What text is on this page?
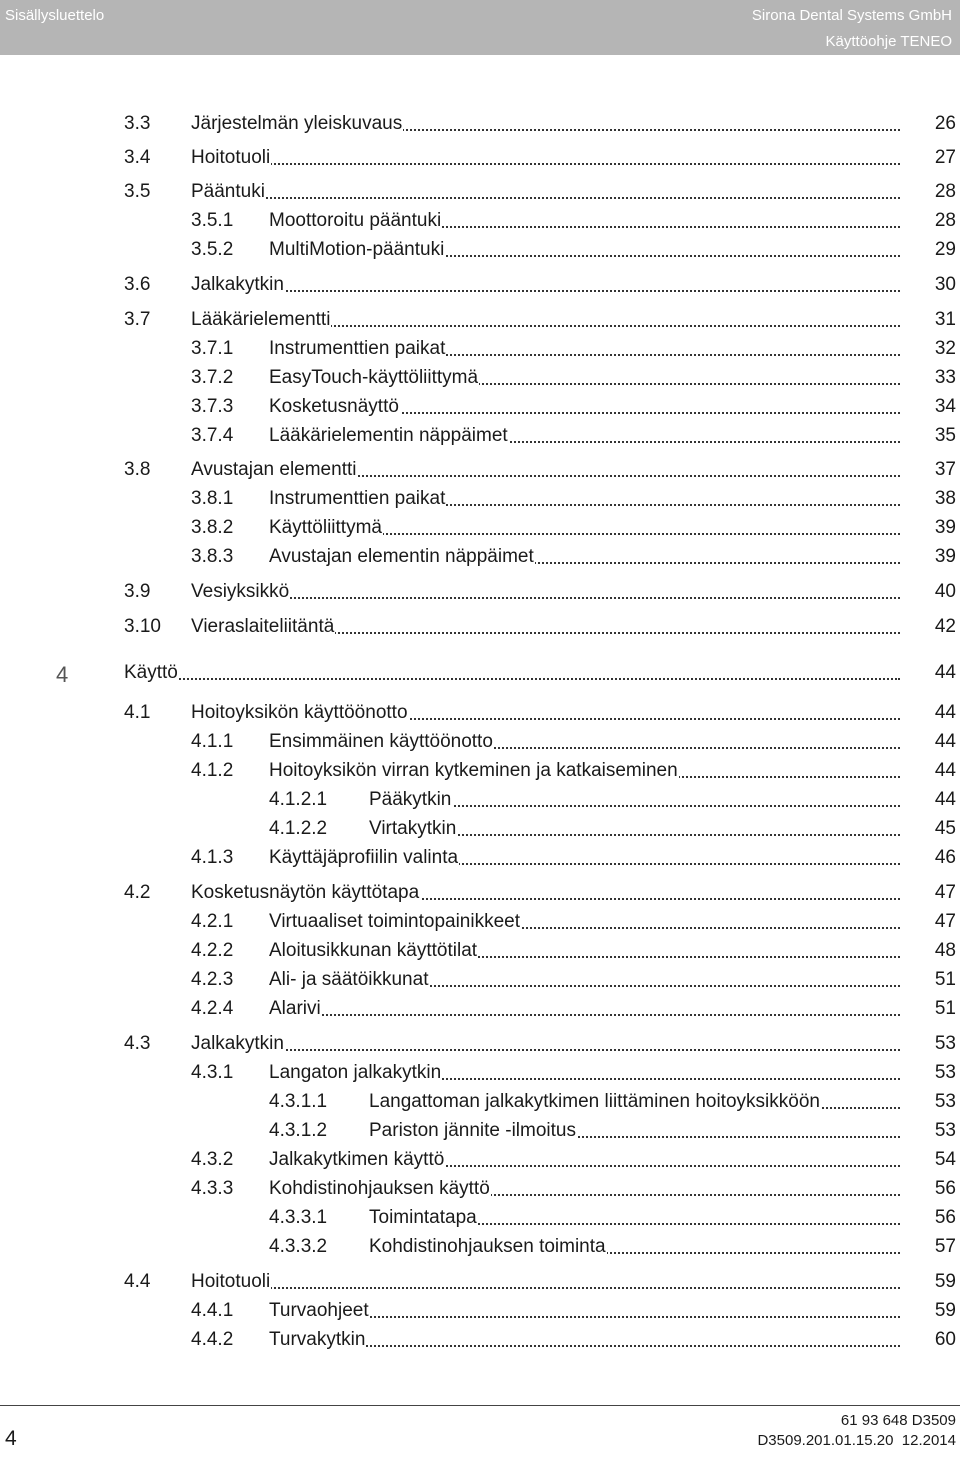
Sisällysluettelo	Sirona Dental Systems GmbH
Käyttöohje TENEO
4
3.3 Järjestelmän yleiskuvaus	26
3.4 Hoitotuoli	27
3.5 Pääntuki	28
3.5.1 Moottoroitu pääntuki	28
3.5.2 MultiMotion-pääntuki	29
3.6 Jalkakytkin	30
3.7 Lääkärielementti	31
3.7.1 Instrumenttien paikat	32
3.7.2 EasyTouch-käyttöliittymä	33
3.7.3 Kosketusnäyttö	34
3.7.4 Lääkärielementin näppäimet	35
3.8 Avustajan elementti	37
3.8.1 Instrumenttien paikat	38
3.8.2 Käyttöliittymä	39
3.8.3 Avustajan elementin näppäimet	39
3.9 Vesiyksikkö	40
3.10 Vieraslaiteliitäntä	42
Käyttö	44
4.1 Hoitoyksikön käyttöönotto	44
4.1.1 Ensimmäinen käyttöönotto	44
4.1.2 Hoitoyksikön virran kytkeminen ja katkaiseminen	44
4.1.2.1 Pääkytkin	44
4.1.2.2 Virtakytkin	45
4.1.3 Käyttäjäprofiilin valinta	46
4.2 Kosketusnäytön käyttötapa	47
4.2.1 Virtuaaliset toimintopainikkeet	47
4.2.2 Aloitusikkunan käyttötilat	48
4.2.3 Ali- ja säätöikkunat	51
4.2.4 Alarivi	51
4.3 Jalkakytkin	53
4.3.1 Langaton jalkakytkin	53
4.3.1.1 Langattoman jalkakytkimen liittäminen hoitoyksikköön	53
4.3.1.2 Pariston jännite -ilmoitus	53
4.3.2 Jalkakytkimen käyttö	54
4.3.3 Kohdistinohjauksen käyttö	56
4.3.3.1 Toimintatapa	56
4.3.3.2 Kohdistinohjauksen toiminta	57
4.4 Hoitotuoli	59
4.4.1 Turvaohjeet	59
4.4.2 Turvakytkin	60
4
61 93 648 D3509
D3509.201.01.15.20 12.2014
